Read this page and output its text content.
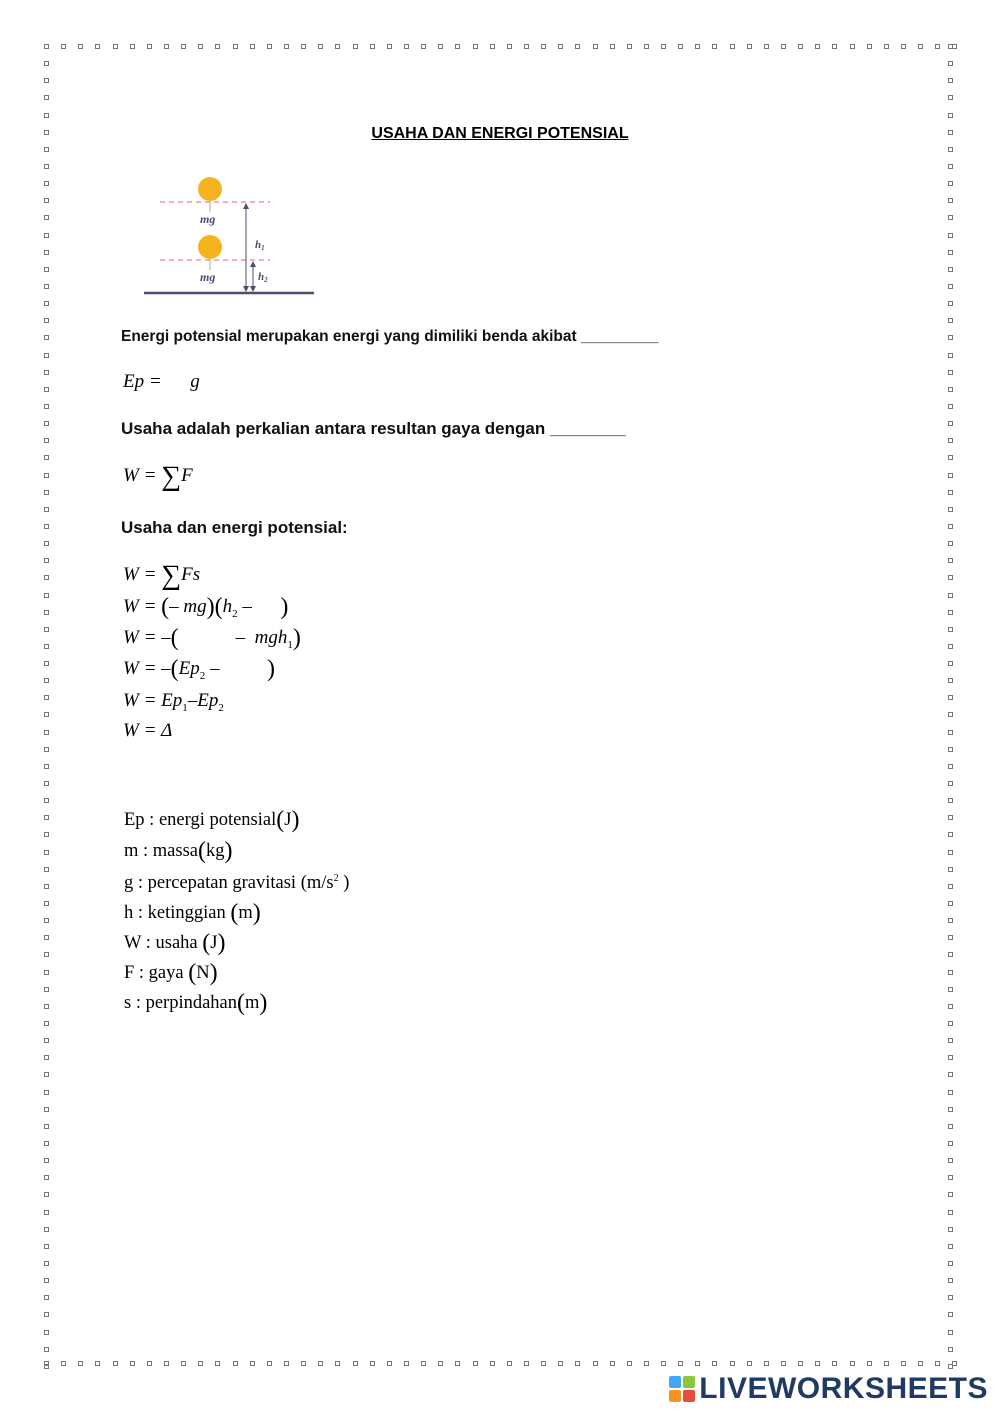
USAHA DAN ENERGI POTENSIAL
mg
mg
h1
h2
Energi potensial merupakan energi yang dimiliki benda akibat _________
Ep = g
Usaha adalah perkalian antara resultan gaya dengan ________
W = ∑F
Usaha dan energi potensial:
W = ∑Fs
W = (– $mg)(h_2$ –      )
W = –(            –  mgh$_1$)
$W = -(Ep_2$ –          )
$W = Ep_1-Ep_2$
W = Δ
Ep : energi potensial(J)
m : massa(kg)
g : percepatan gravitasi ($m/s^2$ )
h : ketinggian (m)
W : usaha (J)
F : gaya (N)
s : perpindahan(m)
LIVEWORKSHEETS
